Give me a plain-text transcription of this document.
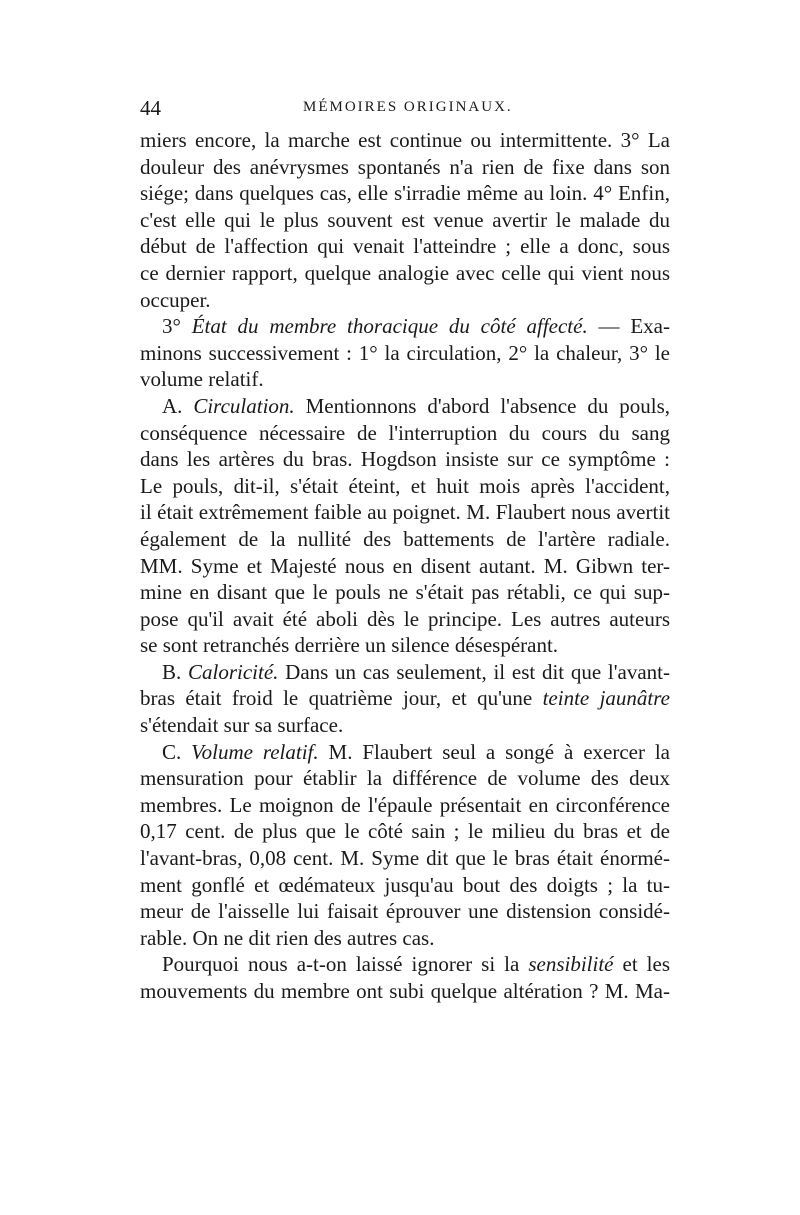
44	MÉMOIRES ORIGINAUX.
miers encore, la marche est continue ou intermittente. 3° La
douleur des anévrysmes spontanés n'a rien de fixe dans son
siége; dans quelques cas, elle s'irradie même au loin. 4° Enfin,
c'est elle qui le plus souvent est venue avertir le malade du
début de l'affection qui venait l'atteindre ; elle a donc, sous
ce dernier rapport, quelque analogie avec celle qui vient nous
occuper.
3° État du membre thoracique du côté affecté. — Exa-
minons successivement : 1° la circulation, 2° la chaleur, 3° le
volume relatif.
A. Circulation. Mentionnons d'abord l'absence du pouls,
conséquence nécessaire de l'interruption du cours du sang
dans les artères du bras. Hogdson insiste sur ce symptôme :
Le pouls, dit-il, s'était éteint, et huit mois après l'accident,
il était extrêmement faible au poignet. M. Flaubert nous avertit
également de la nullité des battements de l'artère radiale.
MM. Syme et Majesté nous en disent autant. M. Gibwn ter-
mine en disant que le pouls ne s'était pas rétabli, ce qui sup-
pose qu'il avait été aboli dès le principe. Les autres auteurs
se sont retranchés derrière un silence désespérant.
B. Caloricité. Dans un cas seulement, il est dit que l'avant-
bras était froid le quatrième jour, et qu'une teinte jaunâtre
s'étendait sur sa surface.
C. Volume relatif. M. Flaubert seul a songé à exercer la
mensuration pour établir la différence de volume des deux
membres. Le moignon de l'épaule présentait en circonférence
0,17 cent. de plus que le côté sain ; le milieu du bras et de
l'avant-bras, 0,08 cent. M. Syme dit que le bras était énormé-
ment gonflé et œdémateux jusqu'au bout des doigts ; la tu-
meur de l'aisselle lui faisait éprouver une distension considé-
rable. On ne dit rien des autres cas.
Pourquoi nous a-t-on laissé ignorer si la sensibilité et les
mouvements du membre ont subi quelque altération ? M. Ma-
